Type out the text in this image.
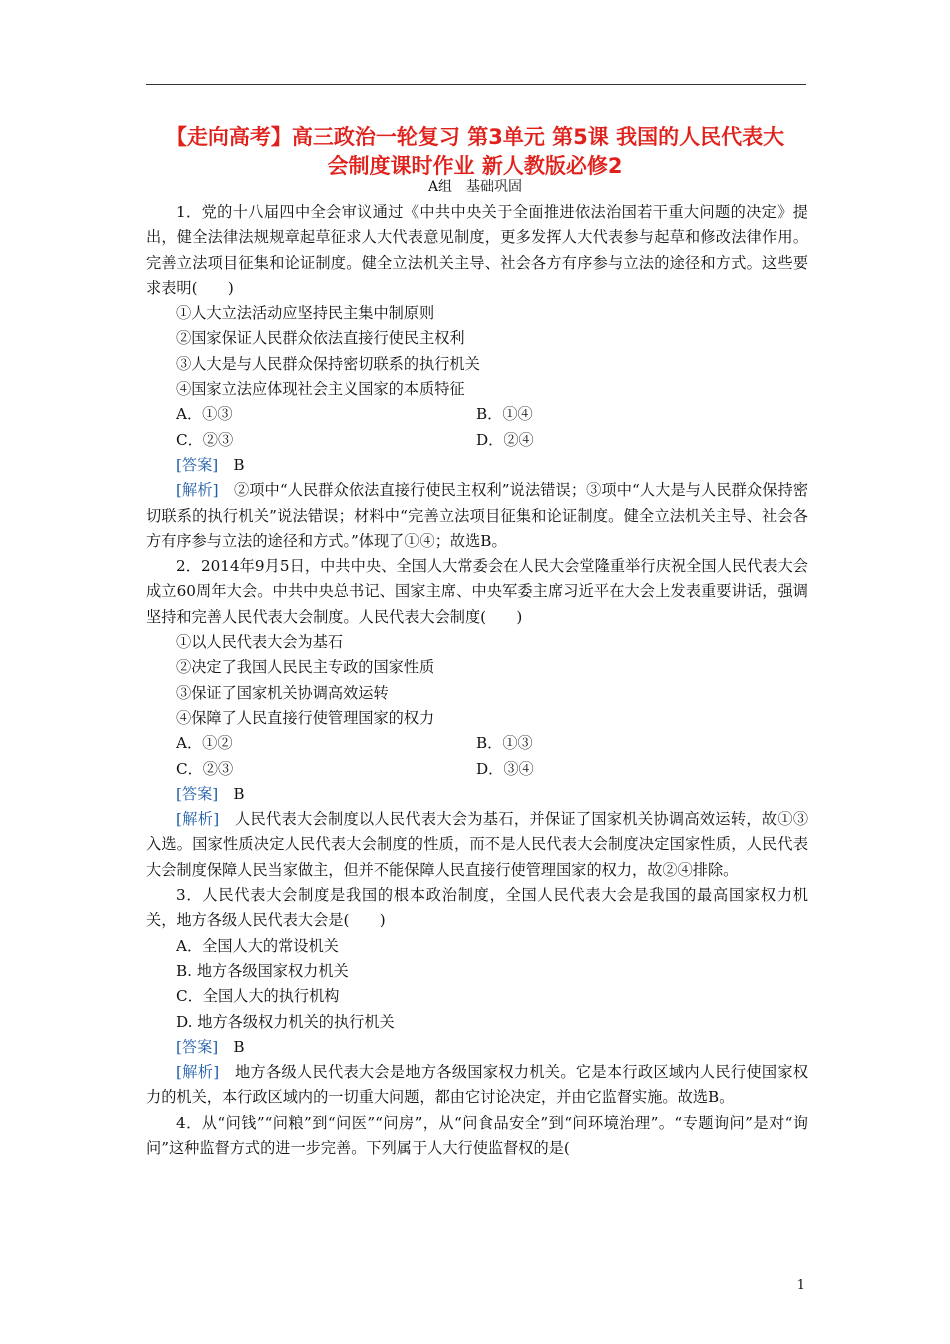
【走向高考】高三政治一轮复习 第3单元 第5课 我国的人民代表大
会制度课时作业 新人教版必修2
A组　基础巩固

1．党的十八届四中全会审议通过《中共中央关于全面推进依法治国若干重大问题的决定》提出，健全法律法规规章起草征求人大代表意见制度，更多发挥人大代表参与起草和修改法律作用。完善立法项目征集和论证制度。健全立法机关主导、社会各方有序参与立法的途径和方式。这些要求表明(　　)

①人大立法活动应坚持民主集中制原则

②国家保证人民群众依法直接行使民主权利

③人大是与人民群众保持密切联系的执行机关

④国家立法应体现社会主义国家的本质特征

A．①③	B．①④
C．②③	D．②④

[答案]　 B

[解析]　 ②项中“人民群众依法直接行使民主权利”说法错误；③项中“人大是与人民群众保持密切联系的执行机关”说法错误；材料中“完善立法项目征集和论证制度。健全立法机关主导、社会各方有序参与立法的途径和方式。”体现了①④；故选B。

2．2014年9月5日，中共中央、全国人大常委会在人民大会堂隆重举行庆祝全国人民代表大会成立60周年大会。中共中央总书记、国家主席、中央军委主席习近平在大会上发表重要讲话，强调坚持和完善人民代表大会制度。人民代表大会制度(　　)

①以人民代表大会为基石

②决定了我国人民民主专政的国家性质

③保证了国家机关协调高效运转

④保障了人民直接行使管理国家的权力

A．①②	B．①③
C．②③	D．③④

[答案]　 B

[解析]　 人民代表大会制度以人民代表大会为基石，并保证了国家机关协调高效运转，故①③入选。国家性质决定人民代表大会制度的性质，而不是人民代表大会制度决定国家性质，人民代表大会制度保障人民当家做主，但并不能保障人民直接行使管理国家的权力，故②④排除。

3．人民代表大会制度是我国的根本政治制度，全国人民代表大会是我国的最高国家权力机关，地方各级人民代表大会是(　　)

A．全国人大的常设机关

B. 地方各级国家权力机关

C．全国人大的执行机构

D. 地方各级权力机关的执行机关

[答案]　 B

[解析]　 地方各级人民代表大会是地方各级国家权力机关。它是本行政区域内人民行使国家权力的机关，本行政区域内的一切重大问题，都由它讨论决定，并由它监督实施。故选B。

4．从“问钱”“问粮”到“问医”“问房”，从“问食品安全”到“问环境治理”。“专题询问”是对“询问”这种监督方式的进一步完善。下列属于人大行使监督权的是(

1
